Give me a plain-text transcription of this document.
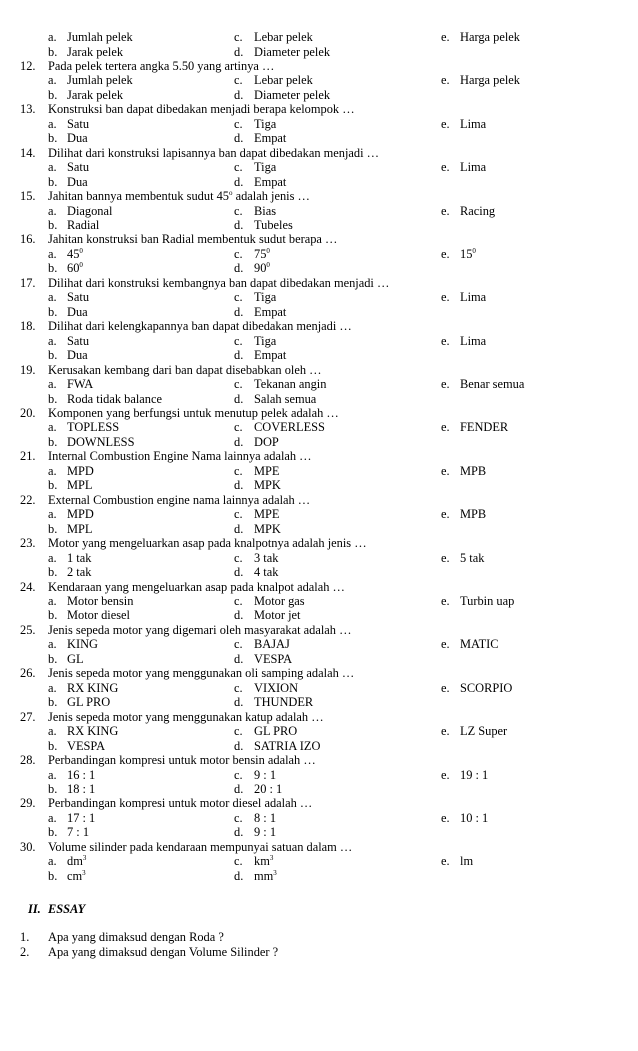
a. Jumlah pelek	c. Lebar pelek	e. Harga pelek
b. Jarak pelek	d. Diameter pelek
12. Pada pelek tertera angka 5.50 yang artinya …
a. Jumlah pelek	c. Lebar pelek	e. Harga pelek
b. Jarak pelek	d. Diameter pelek
13. Konstruksi ban dapat dibedakan menjadi berapa kelompok …
a. Satu	c. Tiga	e. Lima
b. Dua	d. Empat
14. Dilihat dari konstruksi lapisannya ban dapat dibedakan menjadi …
a. Satu	c. Tiga	e. Lima
b. Dua	d. Empat
15. Jahitan bannya membentuk sudut 45$^o$ adalah jenis …
a. Diagonal	c. Bias	e. Racing
b. Radial	d. Tubeles
16. Jahitan konstruksi ban Radial membentuk sudut berapa …
a. $45^0$	c. $75^0$	e. $15^0$
b. $60^0$	d. $90^0$
17. Dilihat dari konstruksi kembangnya ban dapat dibedakan menjadi …
a. Satu	c. Tiga	e. Lima
b. Dua	d. Empat
18. Dilihat dari kelengkapannya ban dapat dibedakan menjadi …
a. Satu	c. Tiga	e. Lima
b. Dua	d. Empat
19. Kerusakan kembang dari ban dapat disebabkan oleh …
a. FWA	c. Tekanan angin	e. Benar semua
b. Roda tidak balance	d. Salah semua
20. Komponen yang berfungsi untuk menutup pelek adalah …
a. TOPLESS	c. COVERLESS	e. FENDER
b. DOWNLESS	d. DOP
21. Internal Combustion Engine Nama lainnya adalah …
a. MPD	c. MPE	e. MPB
b. MPL	d. MPK
22. External Combustion engine nama lainnya adalah …
a. MPD	c. MPE	e. MPB
b. MPL	d. MPK
23. Motor yang mengeluarkan asap pada knalpotnya adalah jenis …
a. 1 tak	c. 3 tak	e. 5 tak
b. 2 tak	d. 4 tak
24. Kendaraan yang mengeluarkan asap pada knalpot adalah …
a. Motor bensin	c. Motor gas	e. Turbin uap
b. Motor diesel	d. Motor jet
25. Jenis sepeda motor yang digemari oleh masyarakat adalah …
a. KING	c. BAJAJ	e. MATIC
b. GL	d. VESPA
26. Jenis sepeda motor yang menggunakan oli samping adalah …
a. RX KING	c. VIXION	e. SCORPIO
b. GL PRO	d. THUNDER
27. Jenis sepeda motor yang menggunakan katup adalah …
a. RX KING	c. GL PRO	e. LZ Super
b. VESPA	d. SATRIA IZO
28. Perbandingan kompresi untuk motor bensin adalah …
a. 16 : 1	c. 9 : 1	e. 19 : 1
b. 18 : 1	d. 20 : 1
29. Perbandingan kompresi untuk motor diesel adalah …
a. 17 : 1	c. 8 : 1	e. 10 : 1
b. 7 : 1	d. 9 : 1
30. Volume silinder pada kendaraan mempunyai satuan dalam …
a. $dm^3$	c. $km^3$	e. lm
b. $cm^3$	d. $mm^3$
II. ESSAY
1. Apa yang dimaksud dengan Roda ?
2. Apa yang dimaksud dengan Volume Silinder ?
